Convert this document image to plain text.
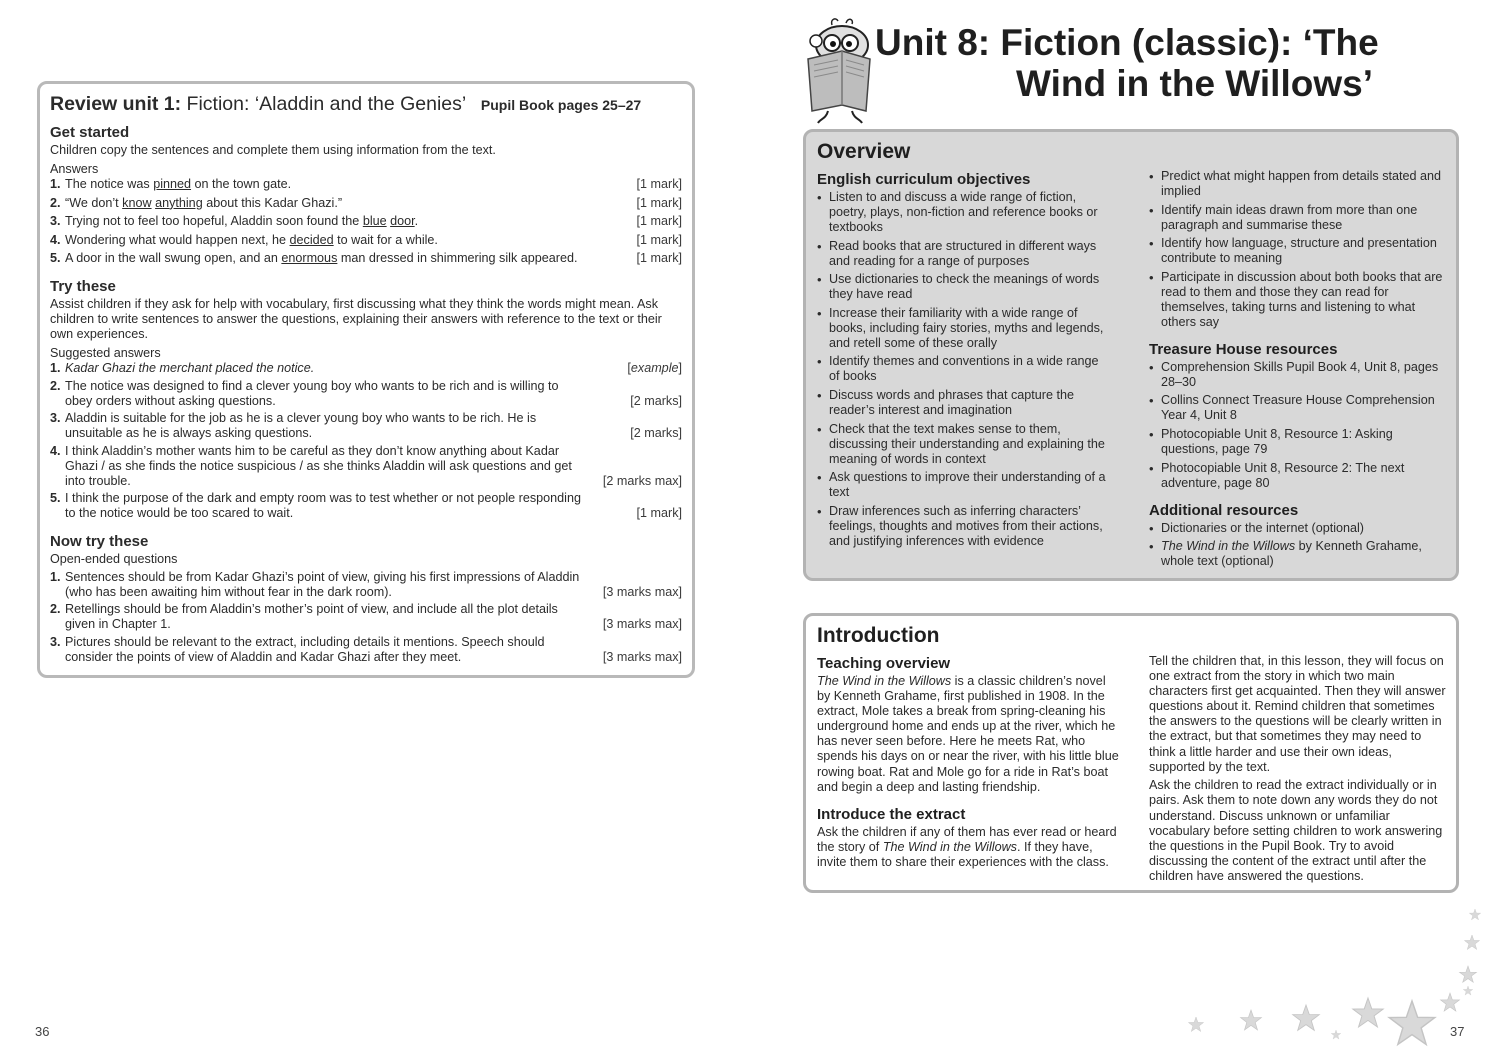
Review unit 1: Fiction: ‘Aladdin and the Genies’ Pupil Book pages 25–27
Get started

Children copy the sentences and complete them using information from the text.

Answers

1. The notice was pinned on the town gate.	[1 mark]
2. “We don’t know anything about this Kadar Ghazi.”	[1 mark]
3. Trying not to feel too hopeful, Aladdin soon found the blue door.	[1 mark]
4. Wondering what would happen next, he decided to wait for a while.	[1 mark]
5. A door in the wall swung open, and an enormous man dressed in shimmering silk appeared.	[1 mark]
Try these

Assist children if they ask for help with vocabulary, first discussing what they think the words might mean. Ask children to write sentences to answer the questions, explaining their answers with reference to the text or their own experiences.

Suggested answers

1. Kadar Ghazi the merchant placed the notice.	[example]
2. The notice was designed to find a clever young boy who wants to be rich and is willing to obey orders without asking questions.	[2 marks]
3. Aladdin is suitable for the job as he is a clever young boy who wants to be rich. He is unsuitable as he is always asking questions.	[2 marks]
4. I think Aladdin’s mother wants him to be careful as they don’t know anything about Kadar Ghazi / as she finds the notice suspicious / as she thinks Aladdin will ask questions and get into trouble.	[2 marks max]
5. I think the purpose of the dark and empty room was to test whether or not people responding to the notice would be too scared to wait.	[1 mark]
Now try these

Open-ended questions

1. Sentences should be from Kadar Ghazi’s point of view, giving his first impressions of Aladdin (who has been awaiting him without fear in the dark room).	[3 marks max]
2. Retellings should be from Aladdin’s mother’s point of view, and include all the plot details given in Chapter 1.	[3 marks max]
3. Pictures should be relevant to the extract, including details it mentions. Speech should consider the points of view of Aladdin and Kadar Ghazi after they meet.	[3 marks max]
36
Unit 8: Fiction (classic): ‘The
Wind in the Willows’
Overview
English curriculum objectives
• Listen to and discuss a wide range of fiction, poetry, plays, non-fiction and reference books or textbooks
• Read books that are structured in different ways and reading for a range of purposes
• Use dictionaries to check the meanings of words they have read
• Increase their familiarity with a wide range of books, including fairy stories, myths and legends, and retell some of these orally
• Identify themes and conventions in a wide range of books
• Discuss words and phrases that capture the reader’s interest and imagination
• Check that the text makes sense to them, discussing their understanding and explaining the meaning of words in context
• Ask questions to improve their understanding of a text
• Draw inferences such as inferring characters’ feelings, thoughts and motives from their actions, and justifying inferences with evidence
• Predict what might happen from details stated and implied
• Identify main ideas drawn from more than one paragraph and summarise these
• Identify how language, structure and presentation contribute to meaning
• Participate in discussion about both books that are read to them and those they can read for themselves, taking turns and listening to what others say
Treasure House resources
• Comprehension Skills Pupil Book 4, Unit 8, pages 28–30
• Collins Connect Treasure House Comprehension Year 4, Unit 8
• Photocopiable Unit 8, Resource 1: Asking questions, page 79
• Photocopiable Unit 8, Resource 2: The next adventure, page 80
Additional resources
• Dictionaries or the internet (optional)
• The Wind in the Willows by Kenneth Grahame, whole text (optional)
Introduction
Teaching overview

The Wind in the Willows is a classic children’s novel by Kenneth Grahame, first published in 1908. In the extract, Mole takes a break from spring-cleaning his underground home and ends up at the river, which he has never seen before. Here he meets Rat, who spends his days on or near the river, with his little blue rowing boat. Rat and Mole go for a ride in Rat’s boat and begin a deep and lasting friendship.

Introduce the extract

Ask the children if any of them has ever read or heard the story of The Wind in the Willows. If they have, invite them to share their experiences with the class.

Tell the children that, in this lesson, they will focus on one extract from the story in which two main characters first get acquainted. Then they will answer questions about it. Remind children that sometimes the answers to the questions will be clearly written in the extract, but that sometimes they may need to think a little harder and use their own ideas, supported by the text.

Ask the children to read the extract individually or in pairs. Ask them to note down any words they do not understand. Discuss unknown or unfamiliar vocabulary before setting children to work answering the questions in the Pupil Book. Try to avoid discussing the content of the extract until after the children have answered the questions.

37
